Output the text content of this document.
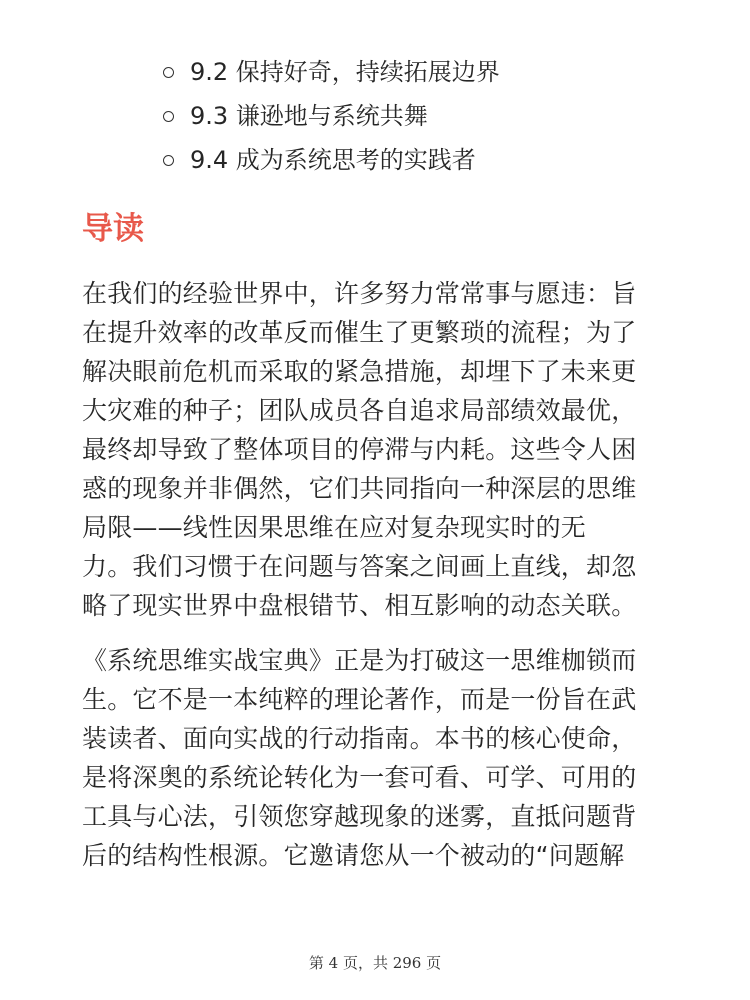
9.2 保持好奇，持续拓展边界
9.3 谦逊地与系统共舞
9.4 成为系统思考的实践者
导读
在我们的经验世界中，许多努力常常事与愿违：旨
在提升效率的改革反而催生了更繁琐的流程；为了
解决眼前危机而采取的紧急措施，却埋下了未来更
大灾难的种子；团队成员各自追求局部绩效最优，
最终却导致了整体项目的停滞与内耗。这些令人困
惑的现象并非偶然，它们共同指向一种深层的思维
局限——线性因果思维在应对复杂现实时的无
力。我们习惯于在问题与答案之间画上直线，却忽
略了现实世界中盘根错节、相互影响的动态关联。
《系统思维实战宝典》正是为打破这一思维枷锁而
生。它不是一本纯粹的理论著作，而是一份旨在武
装读者、面向实战的行动指南。本书的核心使命，
是将深奥的系统论转化为一套可看、可学、可用的
工具与心法，引领您穿越现象的迷雾，直抵问题背
后的结构性根源。它邀请您从一个被动的“问题解
第 4 页，共 296 页
